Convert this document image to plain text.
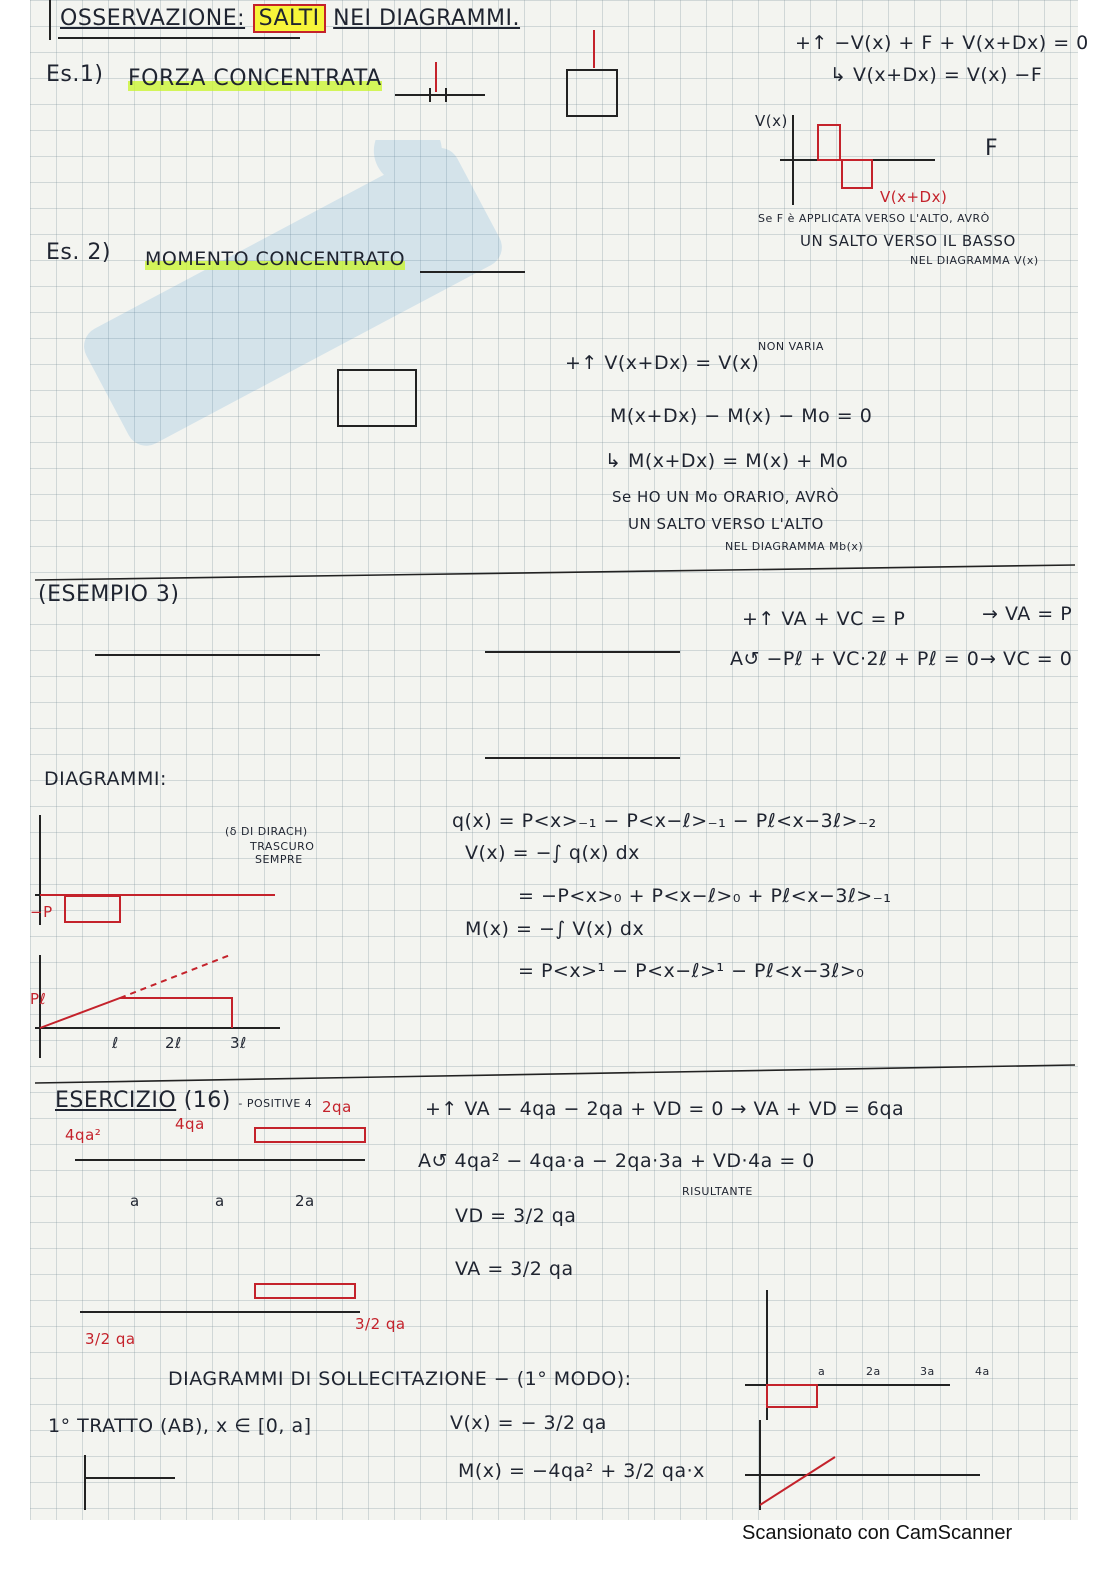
OSSERVAZIONE: SALTI NEI DIAGRAMMI.
Es.1) FORZA CONCENTRATA
+↑ −V(x) + F + V(x+Dx) = 0
↳ V(x+Dx) = V(x) −F
V(x)
V(x+Dx)
F
Se F è APPLICATA VERSO L'ALTO, AVRÒ
UN SALTO VERSO IL BASSO
NEL DIAGRAMMA V(x)
Es. 2) MOMENTO CONCENTRATO
+↑ V(x+Dx) = V(x)
NON VARIA
M(x+Dx) − M(x) − Mo = 0
↳ M(x+Dx) = M(x) + Mo
Se HO UN Mo ORARIO, AVRÒ
UN SALTO VERSO L'ALTO
NEL DIAGRAMMA Mb(x)
(ESEMPIO 3)
+↑ VA + VC = P	→ VA = P
A↺ −Pℓ + VC·2ℓ + Pℓ = 0 → VC = 0
DIAGRAMMI:
(δ DI DIRACH)
TRASCURO
SEMPRE
−P
Pℓ
ℓ	2ℓ	3ℓ
q(x) = P<x>₋₁ − P<x−ℓ>₋₁ − Pℓ<x−3ℓ>₋₂
V(x) = −∫ q(x) dx
= −P<x>₀ + P<x−ℓ>₀ + Pℓ<x−3ℓ>₋₁
M(x) = −∫ V(x) dx
= P<x>¹ − P<x−ℓ>¹ − Pℓ<x−3ℓ>₀
ESERCIZIO (16) - POSITIVE 4	+↑ VA − 4qa − 2qa + VD = 0 → VA + VD = 6qa
A↺ 4qa² − 4qa·a − 2qa·3a + VD·4a = 0
RISULTANTE
VD = 3/2 qa
VA = 3/2 qa
4qa²
4qa
2qa
3/2 qa
3/2 qa
a	a	2a
DIAGRAMMI DI SOLLECITAZIONE − (1° MODO):
1° TRATTO (AB), x ∈ [0, a]	V(x) = − 3/2 qa
M(x) = −4qa² + 3/2 qa·x
a	2a	3a	4a
Scansionato con CamScanner
